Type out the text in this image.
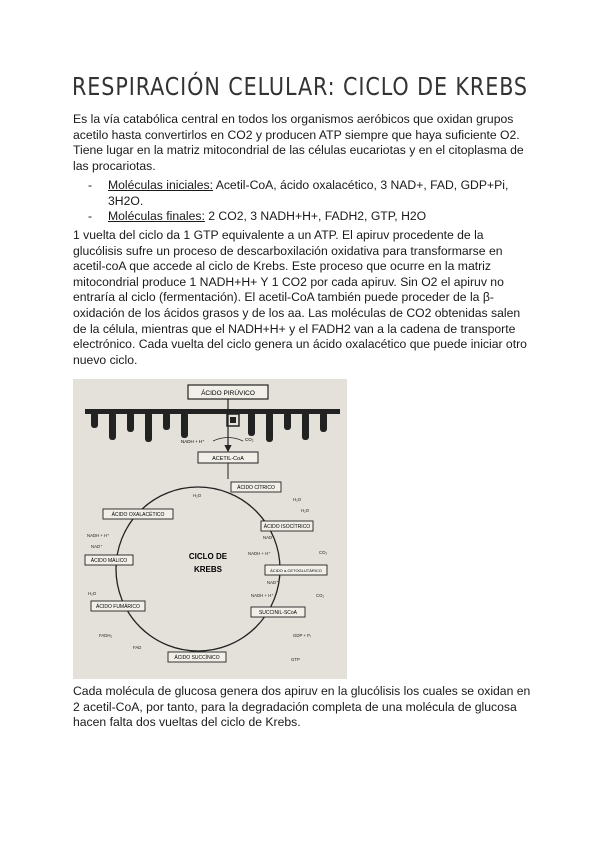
RESPIRACIÓN CELULAR: CICLO DE KREBS
Es la vía catabólica central en todos los organismos aeróbicos que oxidan grupos acetilo hasta convertirlos en CO2 y producen ATP siempre que haya suficiente O2. Tiene lugar en la matriz mitocondrial de las células eucariotas y en el citoplasma de las procariotas.
- Moléculas iniciales: Acetil-CoA, ácido oxalacético, 3 NAD+, FAD, GDP+Pi, 3H2O.
- Moléculas finales: 2 CO2, 3 NADH+H+, FADH2, GTP, H2O
1 vuelta del ciclo da 1 GTP equivalente a un ATP. El apiruv procedente de la glucólisis sufre un proceso de descarboxilación oxidativa para transformarse en acetil-coA que accede al ciclo de Krebs. Este proceso que ocurre en la matriz mitocondrial produce 1 NADH+H+ Y 1 CO2 por cada apiruv. Sin O2 el apiruv no entraría al ciclo (fermentación). El acetil-CoA también puede proceder de la β-oxidación de los ácidos grasos y de los aa. Las moléculas de CO2 obtenidas salen de la célula, mientras que el NADH+H+ y el FADH2 van a la cadena de transporte electrónico. Cada vuelta del ciclo genera un ácido oxalacético que puede iniciar otro nuevo ciclo.
ÁCIDO PIRÚVICO
NADH + H⁺	CO₂
ACETIL-CoA
CICLO DE
KREBS
ÁCIDO CÍTRICO
ÁCIDO ISOCÍTRICO
ÁCIDO α-CETOGLUTÁRICO
SUCCINIL-SCoA
ÁCIDO SUCCÍNICO
ÁCIDO FUMÁRICO
ÁCIDO MÁLICO
ÁCIDO OXALACÉTICO
H₂O
H₂O
H₂O
NAD⁺
NADH + H⁺	CO₂
NAD⁺
NADH + H⁺	CO₂
GDP + Pᵢ
GTP
FADH₂
FAD
H₂O
NADH + H⁺
NAD⁺
Cada molécula de glucosa genera dos apiruv en la glucólisis los cuales se oxidan en 2 acetil-CoA, por tanto, para la degradación completa de una molécula de glucosa hacen falta dos vueltas del ciclo de Krebs.
